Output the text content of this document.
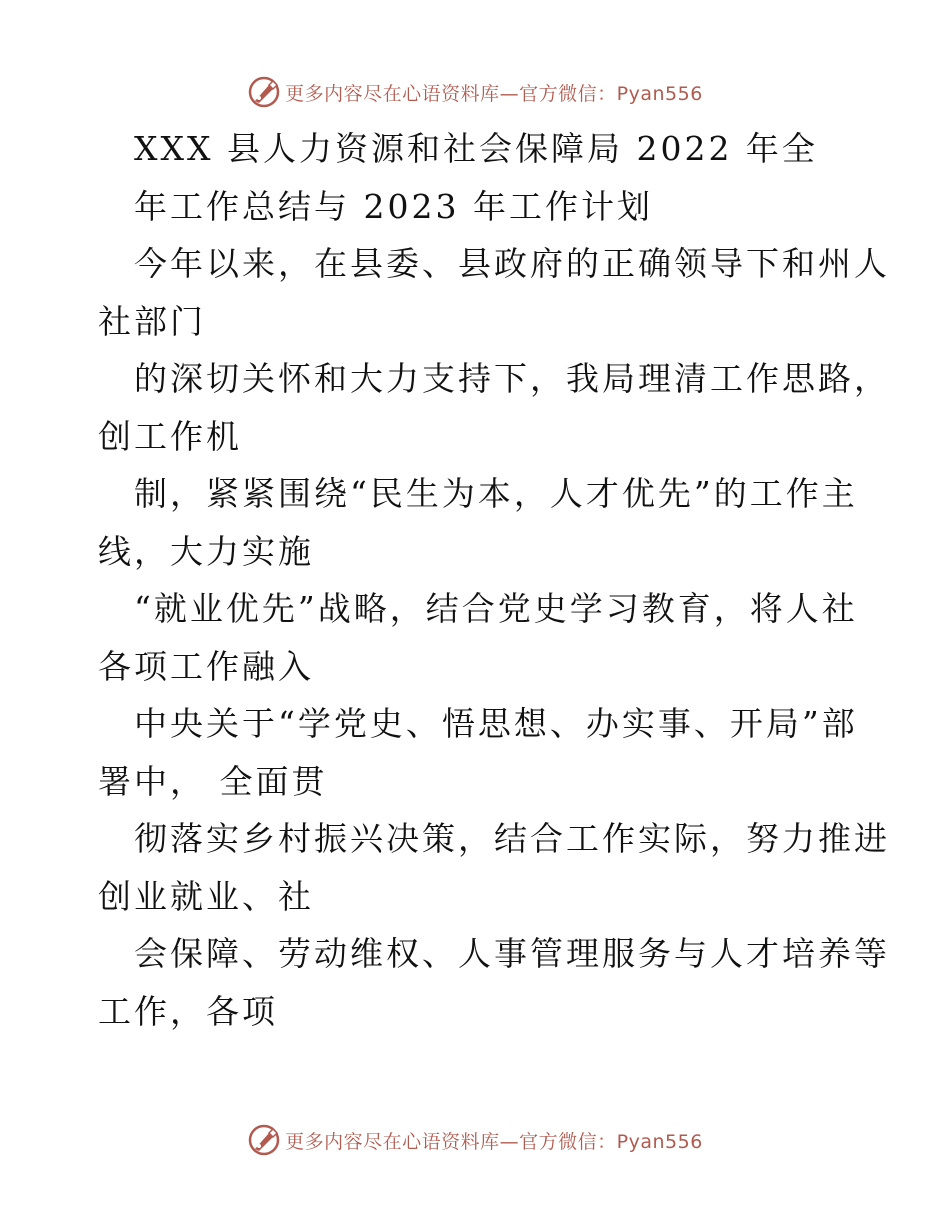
更多内容尽在心语资料库—官方微信：Pyan556
XXX 县人力资源和社会保障局 2022 年全
年工作总结与 2023 年工作计划
今年以来，在县委、县政府的正确领导下和州人
社部门
的深切关怀和大力支持下，我局理清工作思路，
创工作机
制，紧紧围绕“民生为本，人才优先”的工作主
线，大力实施
“就业优先”战略，结合党史学习教育，将人社
各项工作融入
中央关于“学党史、悟思想、办实事、开局”部
署中， 全面贯
彻落实乡村振兴决策，结合工作实际，努力推进
创业就业、社
会保障、劳动维权、人事管理服务与人才培养等
工作，各项
更多内容尽在心语资料库—官方微信：Pyan556
